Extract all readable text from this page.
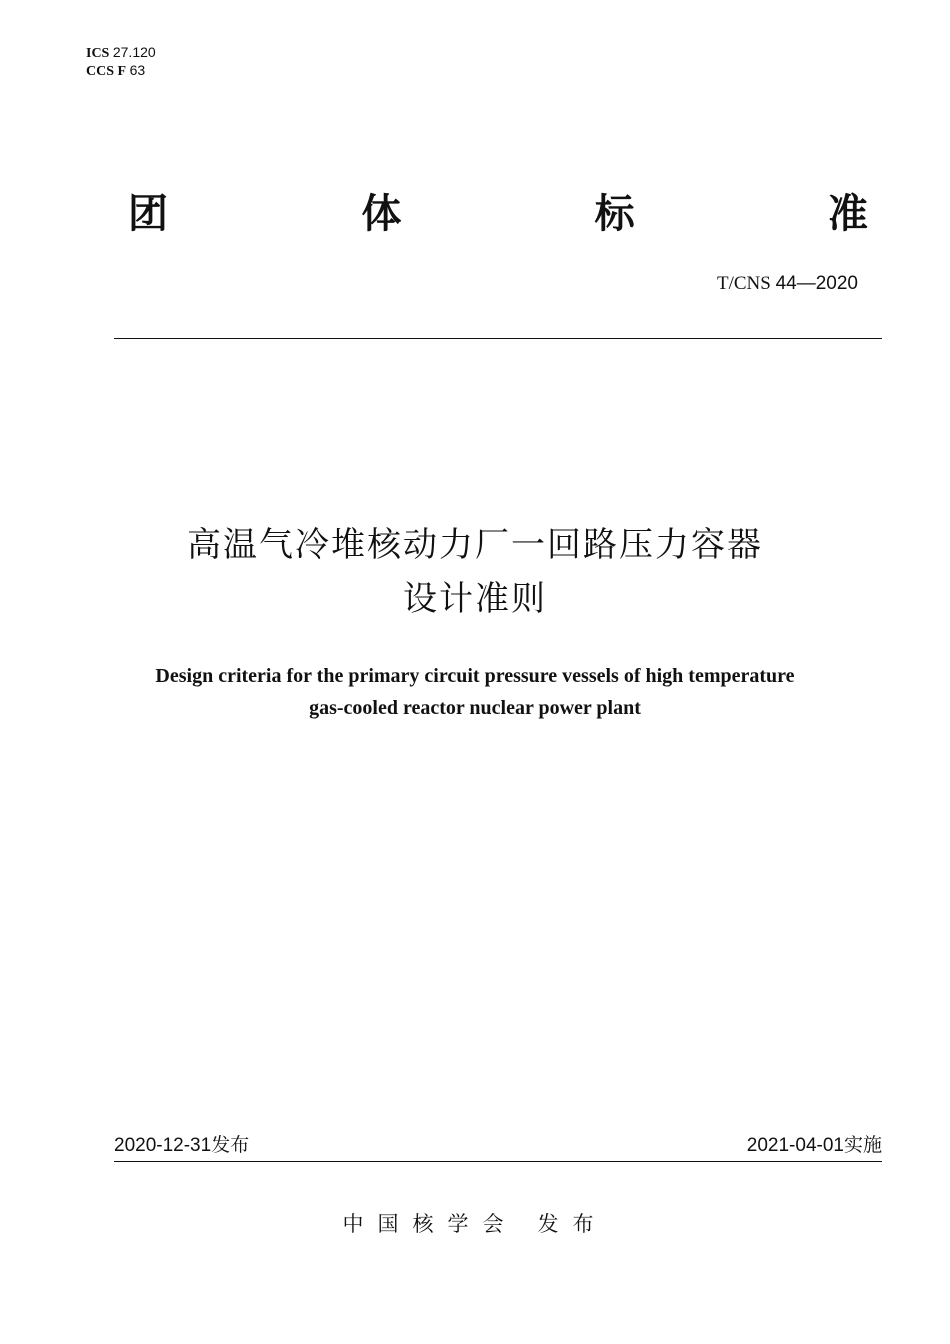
ICS 27.120
CCS F 63
团	体	标	准
T/CNS 44—2020
高温气冷堆核动力厂一回路压力容器
设计准则
Design criteria for the primary circuit pressure vessels of high temperature
gas-cooled reactor nuclear power plant
2020-12-31发布	2021-04-01实施
中国核学会 发布
